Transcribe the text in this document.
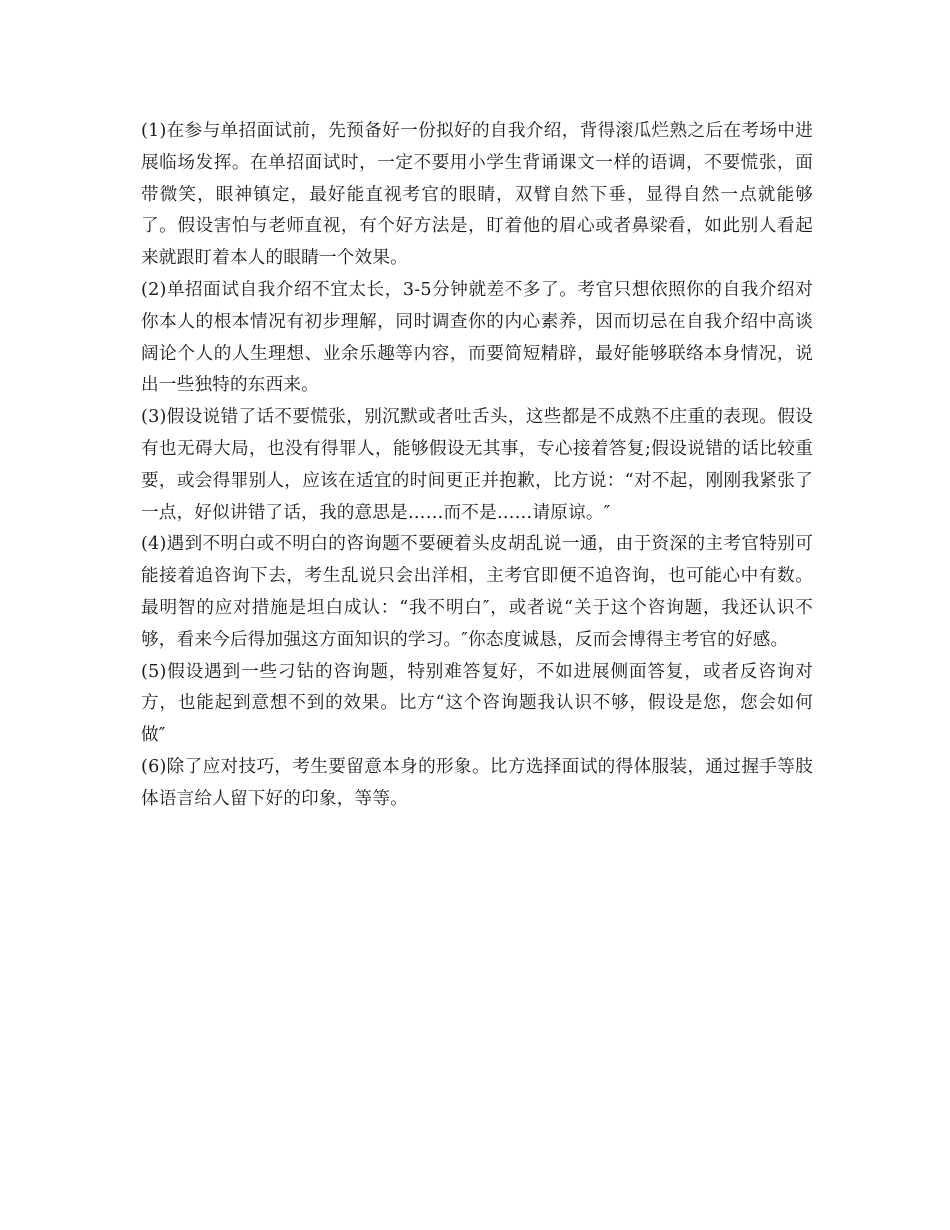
(1)在参与单招面试前，先预备好一份拟好的自我介绍，背得滚瓜烂熟之后在考场中进展临场发挥。在单招面试时，一定不要用小学生背诵课文一样的语调，不要慌张，面带微笑，眼神镇定，最好能直视考官的眼睛，双臂自然下垂，显得自然一点就能够了。假设害怕与老师直视，有个好方法是，盯着他的眉心或者鼻梁看，如此别人看起来就跟盯着本人的眼睛一个效果。

(2)单招面试自我介绍不宜太长，3-5分钟就差不多了。考官只想依照你的自我介绍对你本人的根本情况有初步理解，同时调查你的内心素养，因而切忌在自我介绍中高谈阔论个人的人生理想、业余乐趣等内容，而要简短精辟，最好能够联络本身情况，说出一些独特的东西来。

(3)假设说错了话不要慌张，别沉默或者吐舌头，这些都是不成熟不庄重的表现。假设有也无碍大局，也没有得罪人，能够假设无其事，专心接着答复;假设说错的话比较重要，或会得罪别人，应该在适宜的时间更正并抱歉，比方说：“对不起，刚刚我紧张了一点，好似讲错了话，我的意思是……而不是……请原谅。″

(4)遇到不明白或不明白的咨询题不要硬着头皮胡乱说一通，由于资深的主考官特别可能接着追咨询下去，考生乱说只会出洋相，主考官即便不追咨询，也可能心中有数。最明智的应对措施是坦白成认：“我不明白″，或者说“关于这个咨询题，我还认识不够，看来今后得加强这方面知识的学习。″你态度诚恳，反而会博得主考官的好感。

(5)假设遇到一些刁钻的咨询题，特别难答复好，不如进展侧面答复，或者反咨询对方，也能起到意想不到的效果。比方“这个咨询题我认识不够，假设是您，您会如何做″

(6)除了应对技巧，考生要留意本身的形象。比方选择面试的得体服装，通过握手等肢体语言给人留下好的印象，等等。
